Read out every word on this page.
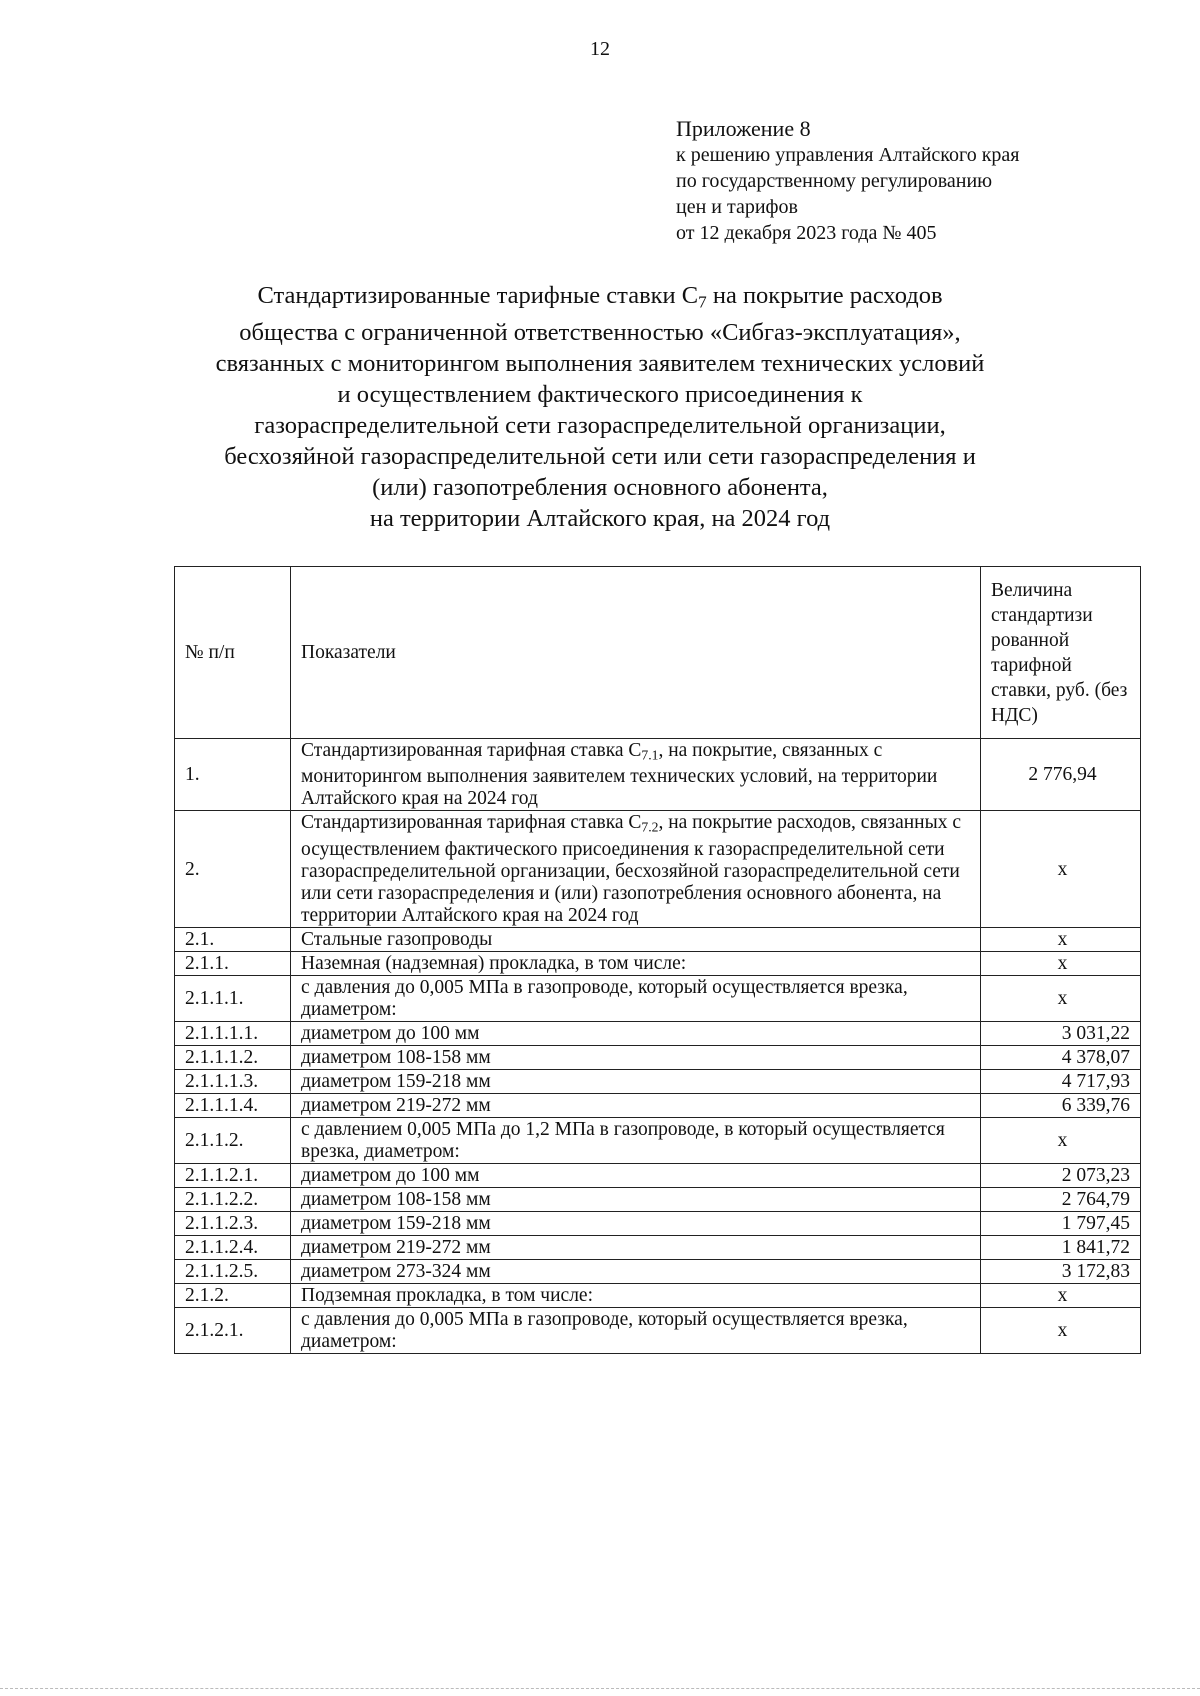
12
Приложение 8
к решению управления Алтайского края
по государственному регулированию
цен и тарифов
от 12 декабря 2023 года № 405
Стандартизированные тарифные ставки $С_7$ на покрытие расходов
общества с ограниченной ответственностью «Сибгаз-эксплуатация»,
связанных с мониторингом выполнения заявителем технических условий
и осуществлением фактического присоединения к
газораспределительной сети газораспределительной организации,
бесхозяйной газораспределительной сети или сети газораспределения и
(или) газопотребления основного абонента,
на территории Алтайского края, на 2024 год
№ п/п	Показатели	Величина стандартизи рованной тарифной ставки, руб. (без НДС)
1.	Стандартизированная тарифная ставка $С_{7.1}$, на покрытие, связанных с мониторингом выполнения заявителем технических условий, на территории Алтайского края на 2024 год	2 776,94
2.	Стандартизированная тарифная ставка $С_{7.2}$, на покрытие расходов, связанных с осуществлением фактического присоединения к газораспределительной сети газораспределительной организации, бесхозяйной газораспределительной сети или сети газораспределения и (или) газопотребления основного абонента, на территории Алтайского края на 2024 год	х
2.1.	Стальные газопроводы	х
2.1.1.	Наземная (надземная) прокладка, в том числе:	х
2.1.1.1.	с давления до 0,005 МПа в газопроводе, который осуществляется врезка, диаметром:	х
2.1.1.1.1.	диаметром до 100 мм	3 031,22
2.1.1.1.2.	диаметром 108-158 мм	4 378,07
2.1.1.1.3.	диаметром 159-218 мм	4 717,93
2.1.1.1.4.	диаметром 219-272 мм	6 339,76
2.1.1.2.	с давлением 0,005 МПа до 1,2 МПа в газопроводе, в который осуществляется врезка, диаметром:	х
2.1.1.2.1.	диаметром до 100 мм	2 073,23
2.1.1.2.2.	диаметром 108-158 мм	2 764,79
2.1.1.2.3.	диаметром 159-218 мм	1 797,45
2.1.1.2.4.	диаметром 219-272 мм	1 841,72
2.1.1.2.5.	диаметром 273-324 мм	3 172,83
2.1.2.	Подземная прокладка, в том числе:	х
2.1.2.1.	с давления до 0,005 МПа в газопроводе, который осуществляется врезка, диаметром:	х
